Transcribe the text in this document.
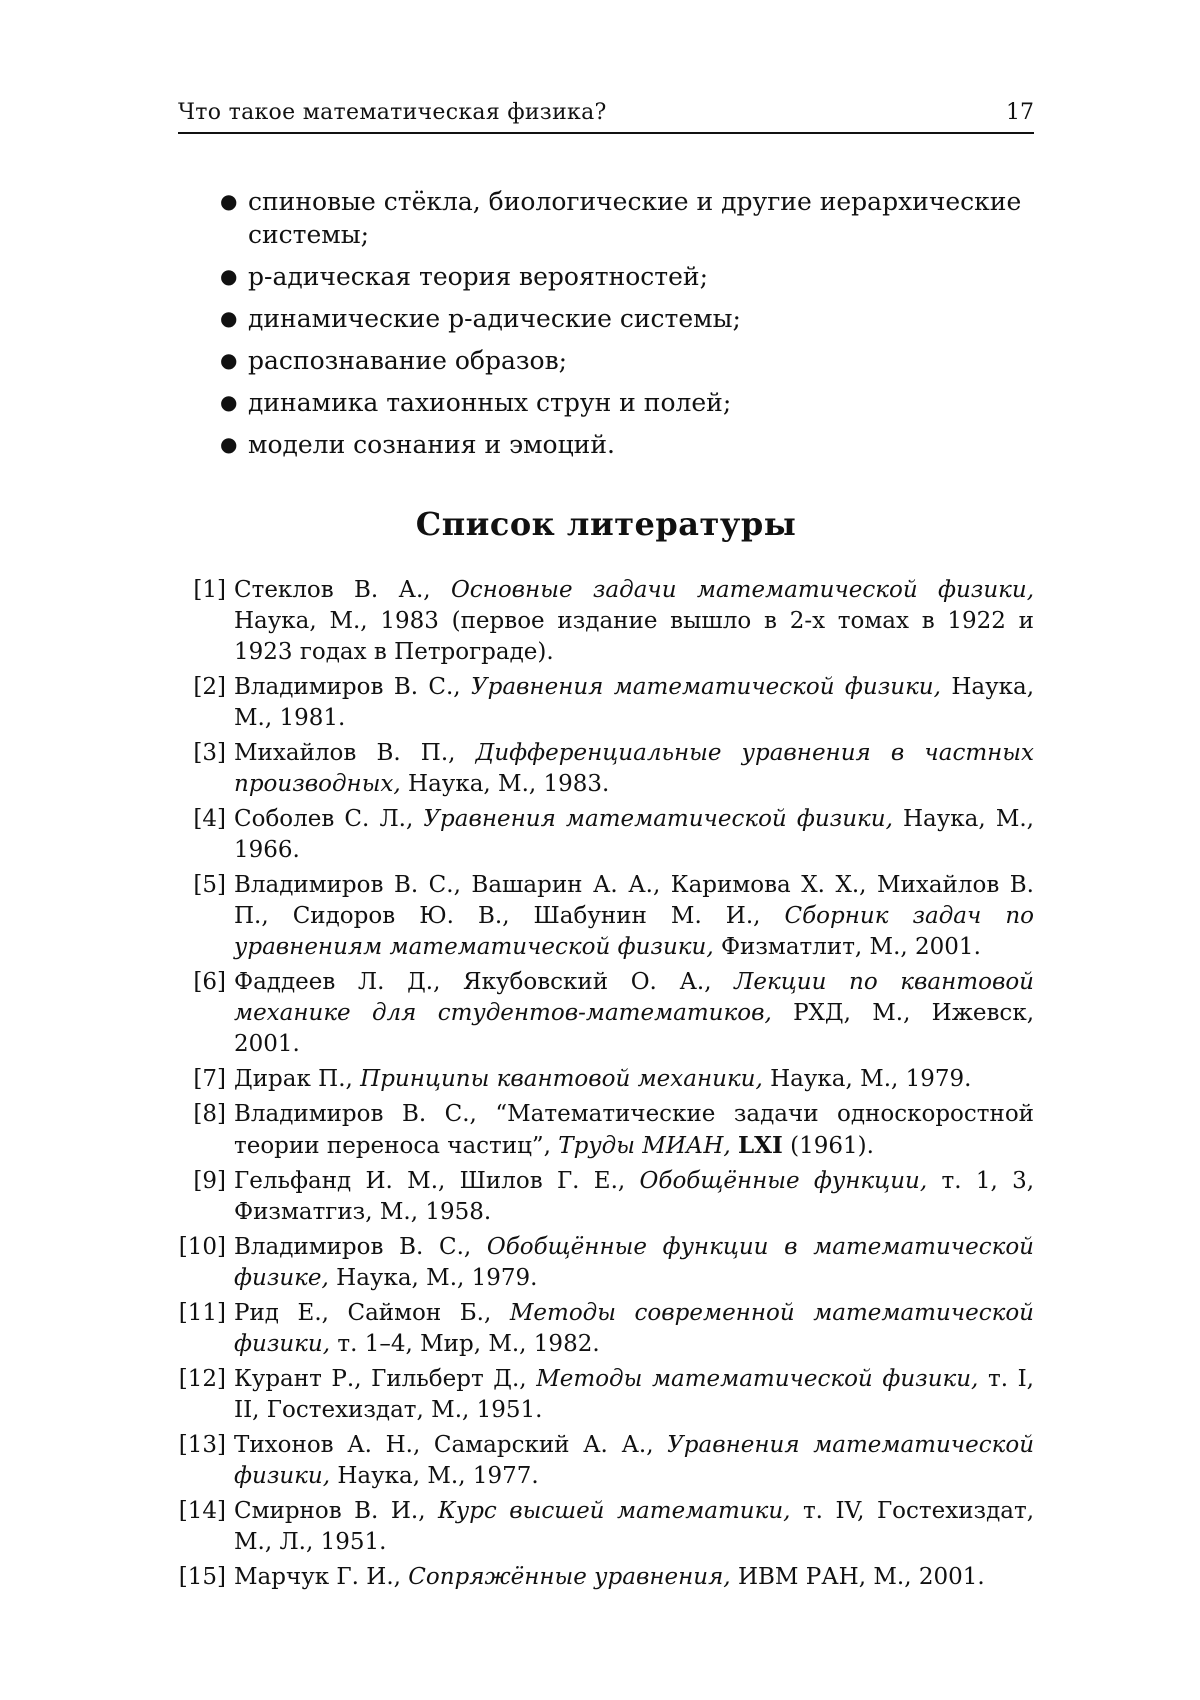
Что такое математическая физика?	17
● спиновые стёкла, биологические и другие иерархические системы;
● p-адическая теория вероятностей;
● динамические p-адические системы;
● распознавание образов;
● динамика тахионных струн и полей;
● модели сознания и эмоций.
Список литературы
[1] Стеклов В. А., Основные задачи математической физики, Наука, М., 1983 (первое издание вышло в 2-х томах в 1922 и 1923 годах в Петрограде).
[2] Владимиров В. С., Уравнения математической физики, Наука, М., 1981.
[3] Михайлов В. П., Дифференциальные уравнения в частных производных, Наука, М., 1983.
[4] Соболев С. Л., Уравнения математической физики, Наука, М., 1966.
[5] Владимиров В. С., Вашарин А. А., Каримова Х. Х., Михайлов В. П., Сидоров Ю. В., Шабунин М. И., Сборник задач по уравнениям математической физики, Физматлит, М., 2001.
[6] Фаддеев Л. Д., Якубовский О. А., Лекции по квантовой механике для студентов-математиков, РХД, М., Ижевск, 2001.
[7] Дирак П., Принципы квантовой механики, Наука, М., 1979.
[8] Владимиров В. С., “Математические задачи односкоростной теории переноса частиц”, Труды МИАН, LXI (1961).
[9] Гельфанд И. М., Шилов Г. Е., Обобщённые функции, т. 1, 3, Физматгиз, М., 1958.
[10] Владимиров В. С., Обобщённые функции в математической физике, Наука, М., 1979.
[11] Рид Е., Саймон Б., Методы современной математической физики, т. 1–4, Мир, М., 1982.
[12] Курант Р., Гильберт Д., Методы математической физики, т. I, II, Гостехиздат, М., 1951.
[13] Тихонов А. Н., Самарский А. А., Уравнения математической физики, Наука, М., 1977.
[14] Смирнов В. И., Курс высшей математики, т. IV, Гостехиздат, М., Л., 1951.
[15] Марчук Г. И., Сопряжённые уравнения, ИВМ РАН, М., 2001.
